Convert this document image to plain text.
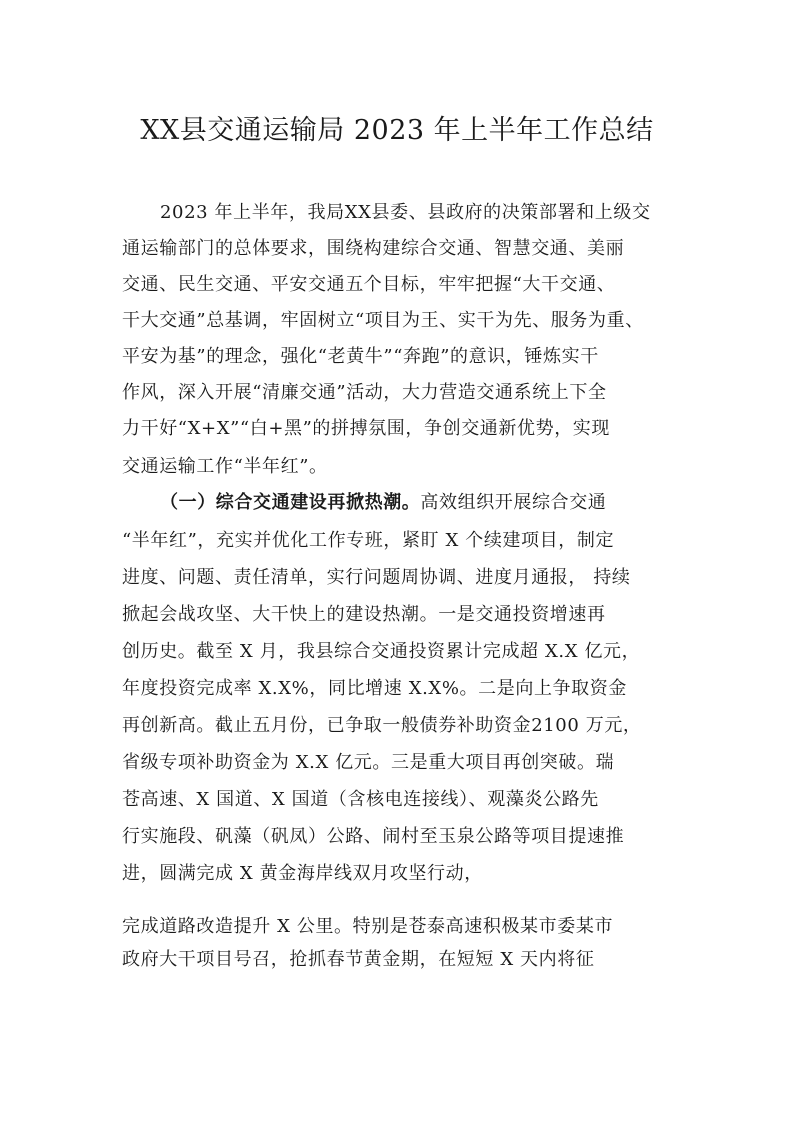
XX县交通运输局 2023 年上半年工作总结
2023 年上半年，我局XX县委、县政府的决策部署和上级交
通运输部门的总体要求，围绕构建综合交通、智慧交通、美丽
交通、民生交通、平安交通五个目标，牢牢把握“大干交通、
干大交通”总基调，牢固树立“项目为王、实干为先、服务为重、
平安为基”的理念，强化“老黄牛”“奔跑”的意识，锤炼实干
作风，深入开展“清廉交通”活动，大力营造交通系统上下全
力干好“X+X”“白+黑”的拼搏氛围，争创交通新优势，实现
交通运输工作“半年红”。
（一）综合交通建设再掀热潮。高效组织开展综合交通
“半年红”，充实并优化工作专班，紧盯 X 个续建项目，制定
进度、问题、责任清单，实行问题周协调、进度月通报， 持续
掀起会战攻坚、大干快上的建设热潮。一是交通投资增速再
创历史。截至 X 月，我县综合交通投资累计完成超 X.X 亿元，
年度投资完成率 X.X%，同比增速 X.X%。二是向上争取资金
再创新高。截止五月份，已争取一般债券补助资金2100 万元，
省级专项补助资金为 X.X 亿元。三是重大项目再创突破。瑞
苍高速、X 国道、X 国道（含核电连接线）、观藻炎公路先
行实施段、矾藻（矾凤）公路、闹村至玉泉公路等项目提速推
进，圆满完成 X 黄金海岸线双月攻坚行动，
完成道路改造提升 X 公里。特别是苍泰高速积极某市委某市
政府大干项目号召，抢抓春节黄金期，在短短 X 天内将征
